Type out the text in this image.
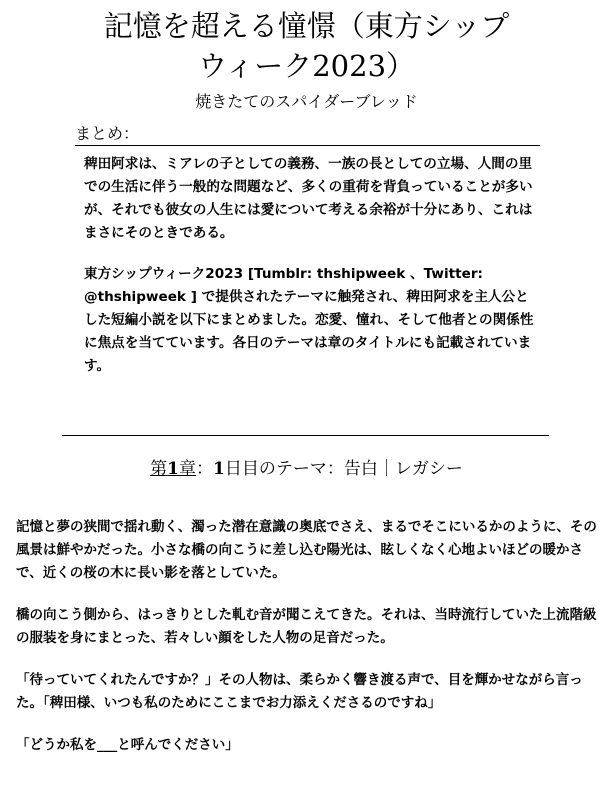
記憶を超える憧憬（東方シップ
ウィーク2023）
焼きたてのスパイダーブレッド
まとめ：

稗田阿求は、ミアレの子としての義務、一族の長としての立場、人間の里での生活に伴う一般的な問題など、多くの重荷を背負っていることが多いが、それでも彼女の人生には愛について考える余裕が十分にあり、これはまさにそのときである。

東方シップウィーク2023 [Tumblr: thshipweek 、Twitter: @thshipweek ] で提供されたテーマに触発され、稗田阿求を主人公とした短編小説を以下にまとめました。恋愛、憧れ、そして他者との関係性に焦点を当てています。各日のテーマは章のタイトルにも記載されています。

第1章：1日目のテーマ：告白｜レガシー

記憶と夢の狭間で揺れ動く、濁った潜在意識の奥底でさえ、まるでそこにいるかのように、その風景は鮮やかだった。小さな橋の向こうに差し込む陽光は、眩しくなく心地よいほどの暖かさで、近くの桜の木に長い影を落としていた。

橋の向こう側から、はっきりとした軋む音が聞こえてきた。それは、当時流行していた上流階級の服装を身にまとった、若々しい顔をした人物の足音だった。

「待っていてくれたんですか？」その人物は、柔らかく響き渡る声で、目を輝かせながら言った。「稗田様、いつも私のためにここまでお力添えくださるのですね」

「どうか私を___と呼んでください」
